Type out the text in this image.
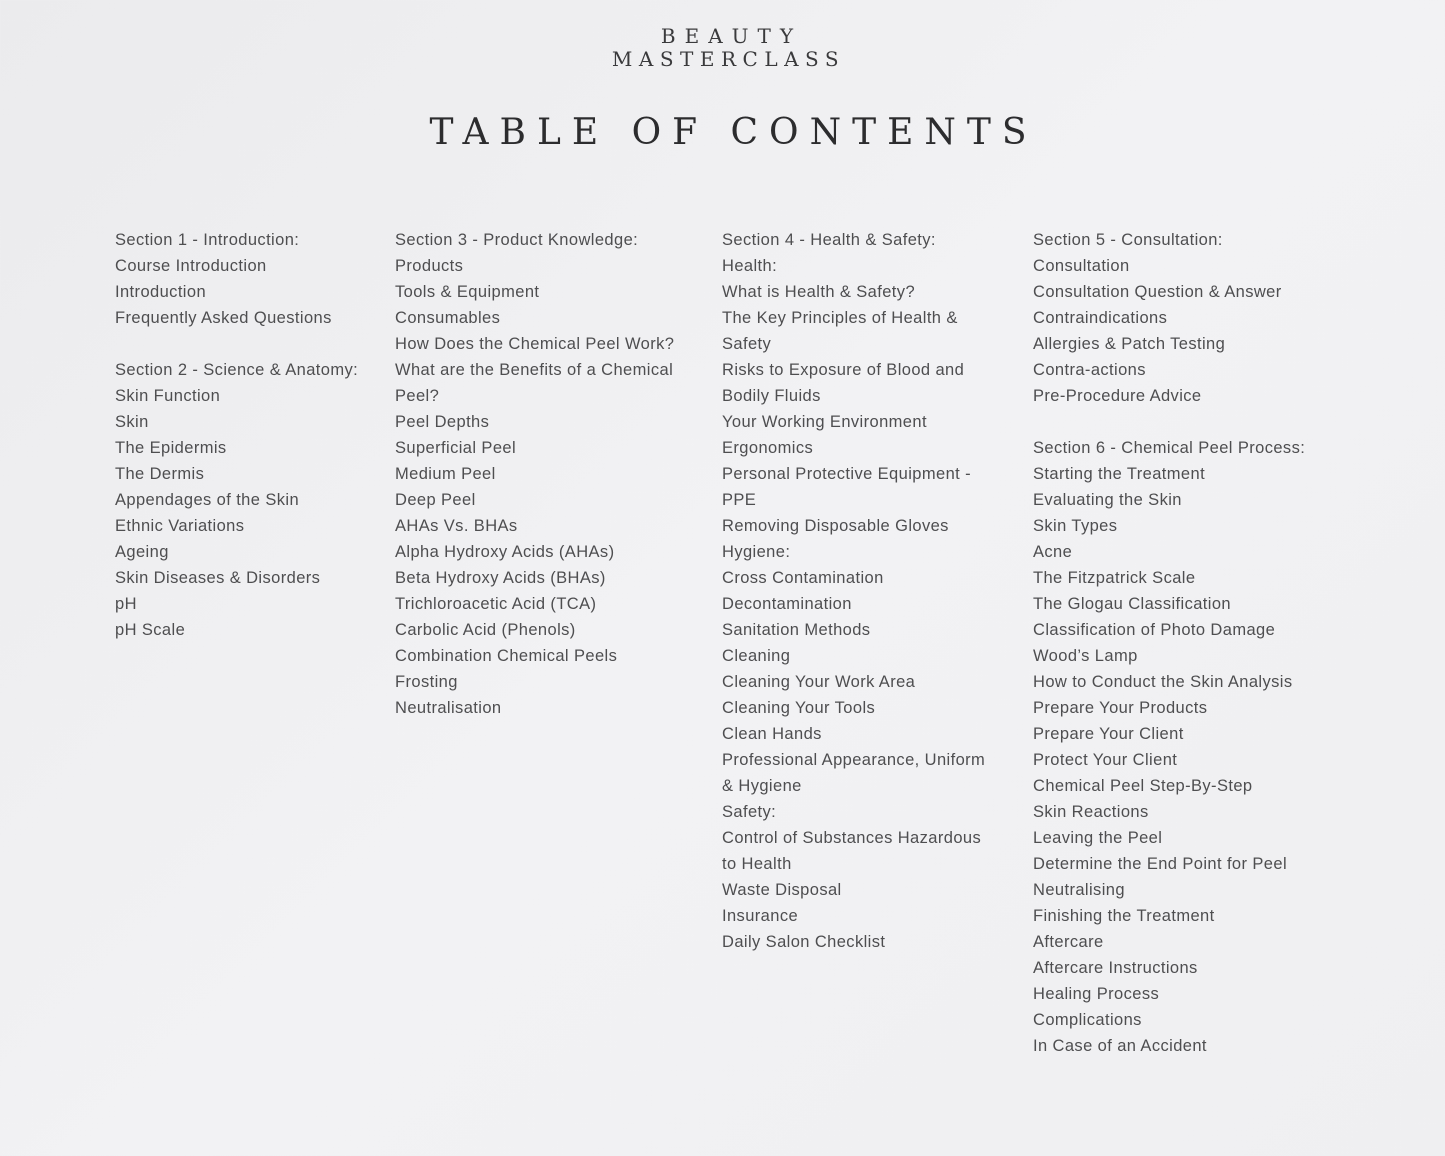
BEAUTY
MASTERCLASS
TABLE OF CONTENTS
Section 1 - Introduction:
Course Introduction
Introduction
Frequently Asked Questions
Section 2 - Science & Anatomy:
Skin Function
Skin
The Epidermis
The Dermis
Appendages of the Skin
Ethnic Variations
Ageing
Skin Diseases & Disorders
pH
pH Scale
Section 3 - Product Knowledge:
Products
Tools & Equipment
Consumables
How Does the Chemical Peel Work?
What are the Benefits of a Chemical
Peel?
Peel Depths
Superficial Peel
Medium Peel
Deep Peel
AHAs Vs. BHAs
Alpha Hydroxy Acids (AHAs)
Beta Hydroxy Acids (BHAs)
Trichloroacetic Acid (TCA)
Carbolic Acid (Phenols)
Combination Chemical Peels
Frosting
Neutralisation
Section 4 - Health & Safety:
Health:
What is Health & Safety?
The Key Principles of Health &
Safety
Risks to Exposure of Blood and
Bodily Fluids
Your Working Environment
Ergonomics
Personal Protective Equipment -
PPE
Removing Disposable Gloves
Hygiene:
Cross Contamination
Decontamination
Sanitation Methods
Cleaning
Cleaning Your Work Area
Cleaning Your Tools
Clean Hands
Professional Appearance, Uniform
& Hygiene
Safety:
Control of Substances Hazardous
to Health
Waste Disposal
Insurance
Daily Salon Checklist
Section 5 - Consultation:
Consultation
Consultation Question & Answer
Contraindications
Allergies & Patch Testing
Contra-actions
Pre-Procedure Advice
Section 6 - Chemical Peel Process:
Starting the Treatment
Evaluating the Skin
Skin Types
Acne
The Fitzpatrick Scale
The Glogau Classification
Classification of Photo Damage
Wood’s Lamp
How to Conduct the Skin Analysis
Prepare Your Products
Prepare Your Client
Protect Your Client
Chemical Peel Step-By-Step
Skin Reactions
Leaving the Peel
Determine the End Point for Peel
Neutralising
Finishing the Treatment
Aftercare
Aftercare Instructions
Healing Process
Complications
In Case of an Accident
